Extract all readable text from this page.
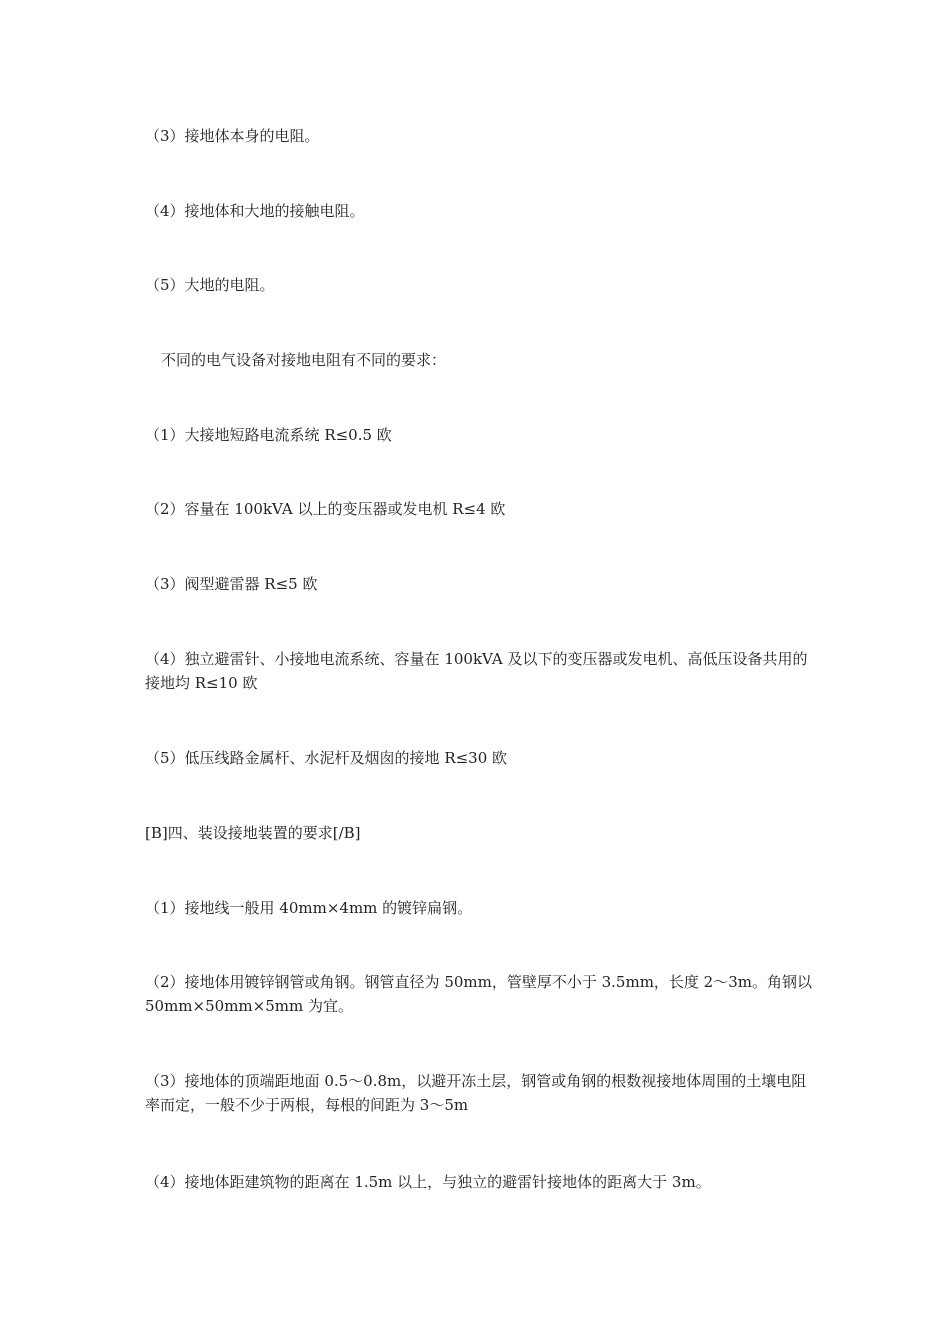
（3）接地体本身的电阻。

（4）接地体和大地的接触电阻。

（5）大地的电阻。

不同的电气设备对接地电阻有不同的要求：

（1）大接地短路电流系统 R≤0.5 欧

（2）容量在 100kVA 以上的变压器或发电机 R≤4 欧

（3）阀型避雷器 R≤5 欧

（4）独立避雷针、小接地电流系统、容量在 100kVA 及以下的变压器或发电机、高低压设备共用的接地均 R≤10 欧

（5）低压线路金属杆、水泥杆及烟囱的接地 R≤30 欧

[B]四、装设接地装置的要求[/B]

（1）接地线一般用 40mm×4mm 的镀锌扁钢。

（2）接地体用镀锌钢管或角钢。钢管直径为 50mm，管壁厚不小于 3.5mm，长度 2～3m。角钢以 50mm×50mm×5mm 为宜。

（3）接地体的顶端距地面 0.5～0.8m，以避开冻土层，钢管或角钢的根数视接地体周围的土壤电阻率而定，一般不少于两根，每根的间距为 3～5m

（4）接地体距建筑物的距离在 1.5m 以上，与独立的避雷针接地体的距离大于 3m。
